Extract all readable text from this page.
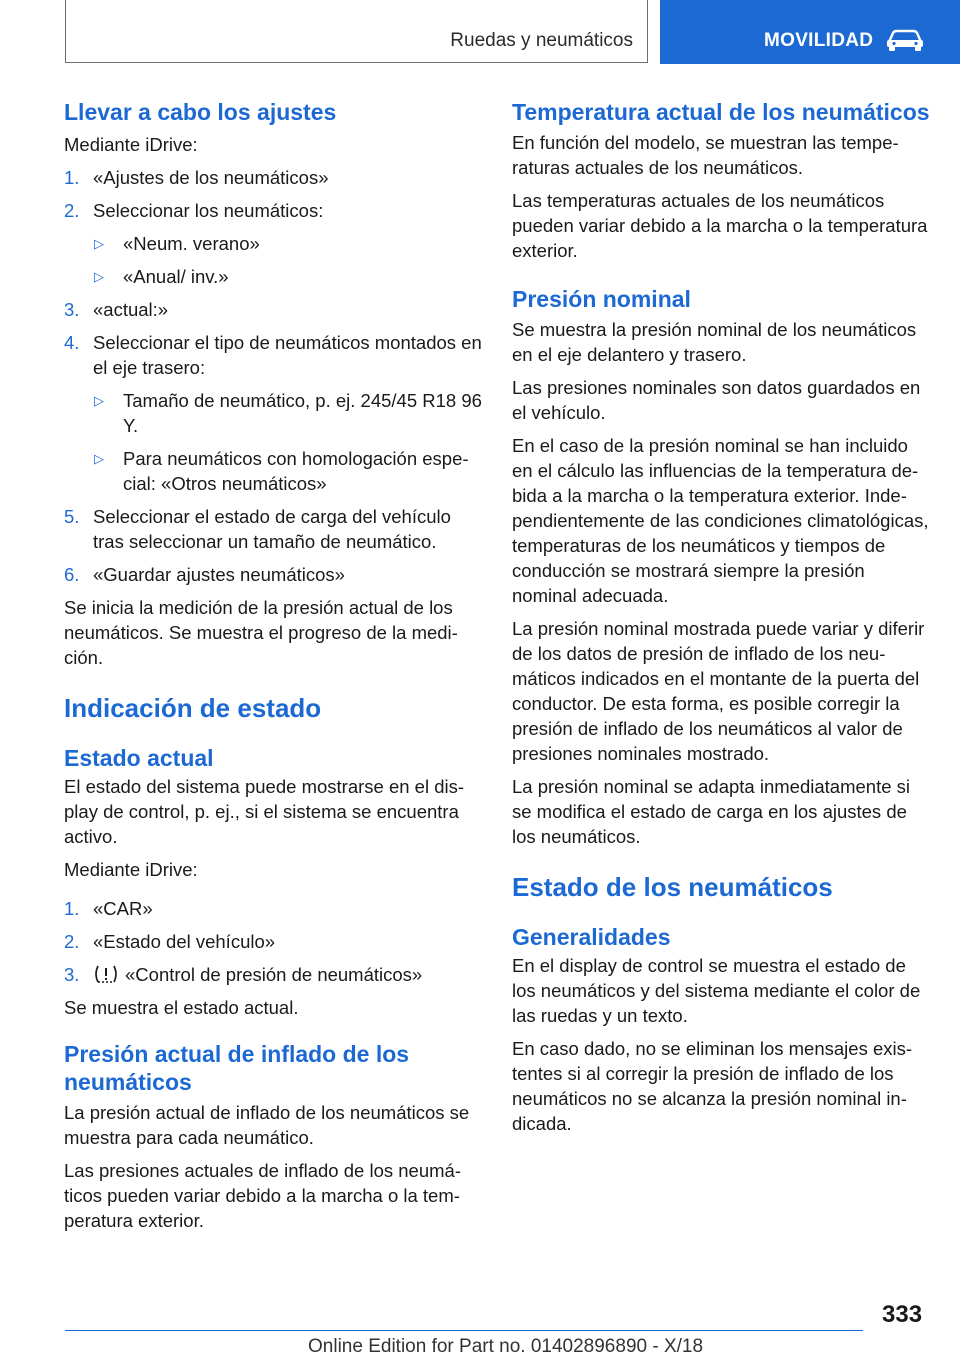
Ruedas y neumáticos	MOVILIDAD
Llevar a cabo los ajustes

Mediante iDrive:

1. «Ajustes de los neumáticos»
2. Seleccionar los neumáticos:
▷ «Neum. verano»
▷ «Anual/ inv.»
3. «actual:»
4. Seleccionar el tipo de neumáticos montados en el eje trasero:
▷ Tamaño de neumático, p. ej. 245/45 R18 96 Y.
▷ Para neumáticos con homologación especial: «Otros neumáticos»
5. Seleccionar el estado de carga del vehículo tras seleccionar un tamaño de neumático.
6. «Guardar ajustes neumáticos»

Se inicia la medición de la presión actual de los neumáticos. Se muestra el progreso de la medición.

Indicación de estado
Estado actual

El estado del sistema puede mostrarse en el display de control, p. ej., si el sistema se encuentra activo.

Mediante iDrive:

1. «CAR»
2. «Estado del vehículo»
3. «Control de presión de neumáticos»

Se muestra el estado actual.

Presión actual de inflado de los neumáticos

La presión actual de inflado de los neumáticos se muestra para cada neumático.

Las presiones actuales de inflado de los neumáticos pueden variar debido a la marcha o la temperatura exterior.

Temperatura actual de los neumáticos

En función del modelo, se muestran las temperaturas actuales de los neumáticos.

Las temperaturas actuales de los neumáticos pueden variar debido a la marcha o la temperatura exterior.

Presión nominal

Se muestra la presión nominal de los neumáticos en el eje delantero y trasero.

Las presiones nominales son datos guardados en el vehículo.

En el caso de la presión nominal se han incluido en el cálculo las influencias de la temperatura debida a la marcha o la temperatura exterior. Independientemente de las condiciones climatológicas, temperaturas de los neumáticos y tiempos de conducción se mostrará siempre la presión nominal adecuada.

La presión nominal mostrada puede variar y diferir de los datos de presión de inflado de los neumáticos indicados en el montante de la puerta del conductor. De esta forma, es posible corregir la presión de inflado de los neumáticos al valor de presiones nominales mostrado.

La presión nominal se adapta inmediatamente si se modifica el estado de carga en los ajustes de los neumáticos.

Estado de los neumáticos
Generalidades

En el display de control se muestra el estado de los neumáticos y del sistema mediante el color de las ruedas y un texto.

En caso dado, no se eliminan los mensajes existentes si al corregir la presión de inflado de los neumáticos no se alcanza la presión nominal indicada.

333
Online Edition for Part no. 01402896890 - X/18
